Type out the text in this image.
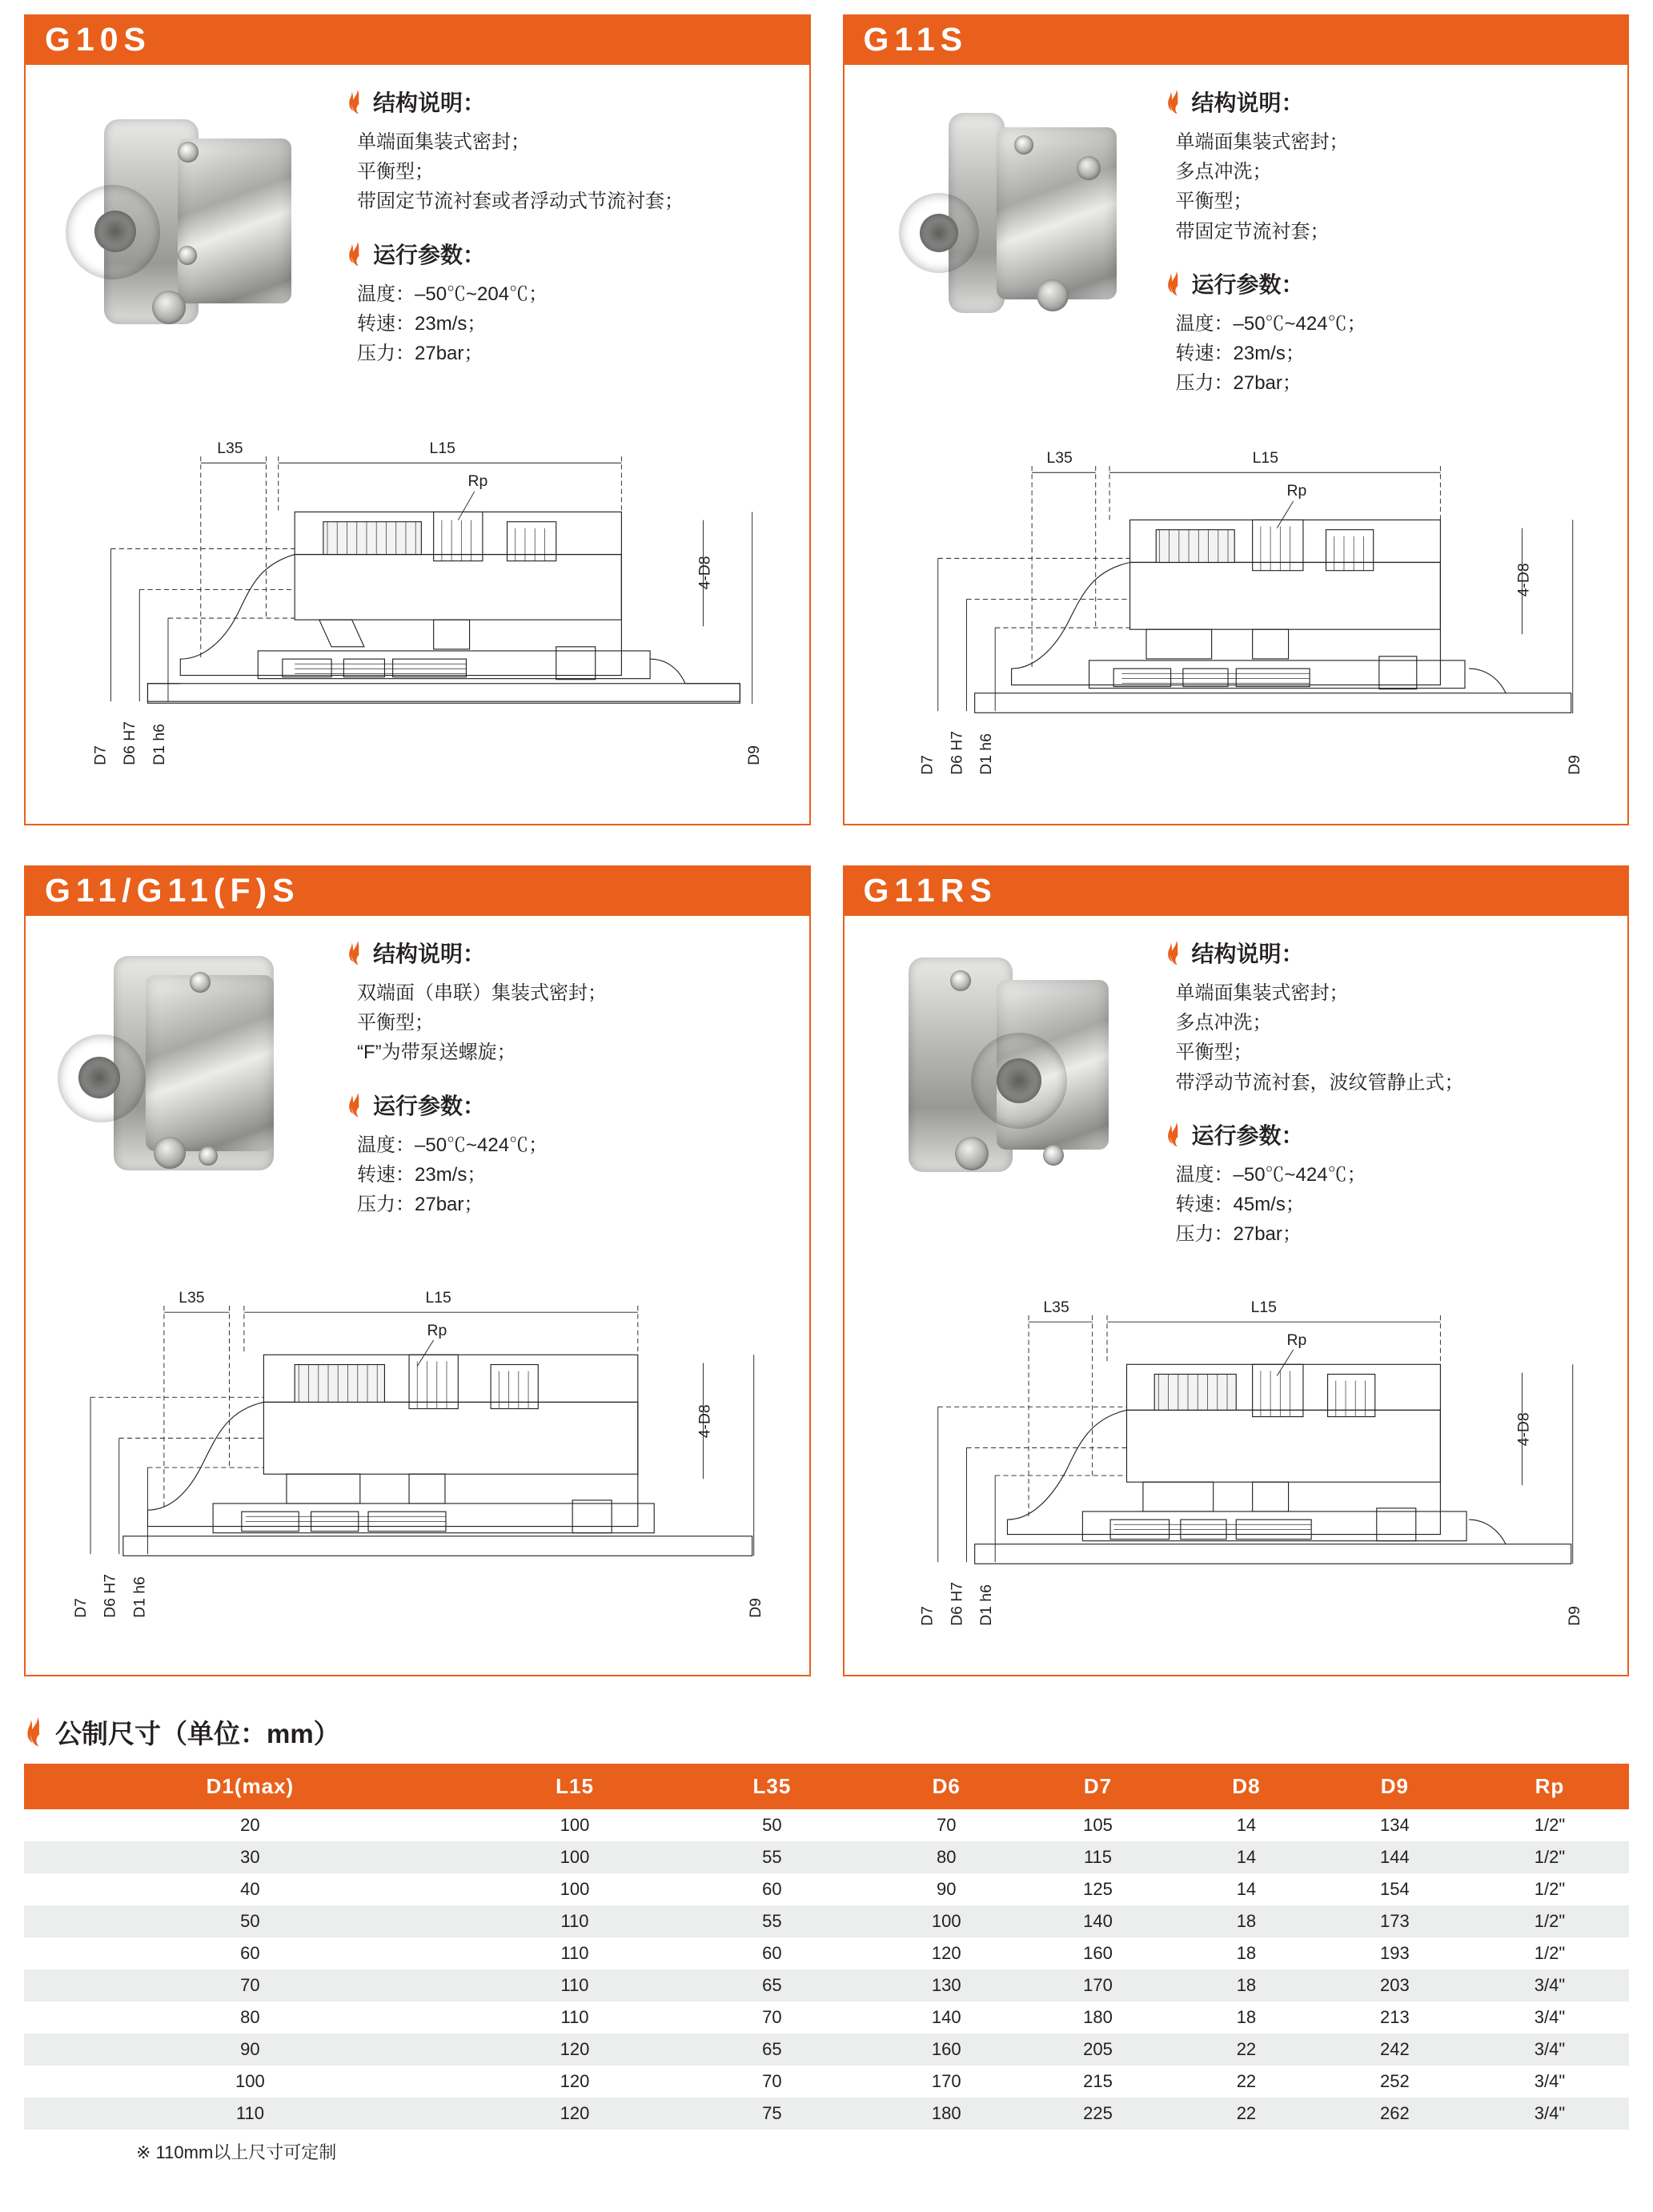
G10S
结构说明：
单端面集装式密封；
平衡型；
带固定节流衬套或者浮动式节流衬套；
运行参数：
温度：–50℃~204℃；
转速：23m/s；
压力：27bar；
L35	L15
Rp
4-D8
D7 D6 H7 D1 h6	D9
G11S
结构说明：
单端面集装式密封；
多点冲洗；
平衡型；
带固定节流衬套；
运行参数：
温度：–50℃~424℃；
转速：23m/s；
压力：27bar；
L35	L15
Rp
4-D8
D7 D6 H7 D1 h6	D9
G11/G11(F)S
结构说明：
双端面（串联）集装式密封；
平衡型；
“F”为带泵送螺旋；
运行参数：
温度：–50℃~424℃；
转速：23m/s；
压力：27bar；
L35	L15
Rp
4-D8
D7 D6 H7 D1 h6	D9
G11RS
结构说明：
单端面集装式密封；
多点冲洗；
平衡型；
带浮动节流衬套，波纹管静止式；
运行参数：
温度：–50℃~424℃；
转速：45m/s；
压力：27bar；
L35	L15
Rp
4-D8
D7 D6 H7 D1 h6	D9
公制尺寸（单位：mm）
D1(max)	L15	L35	D6	D7	D8	D9	Rp
20	100	50	70	105	14	134	1/2"
30	100	55	80	115	14	144	1/2"
40	100	60	90	125	14	154	1/2"
50	110	55	100	140	18	173	1/2"
60	110	60	120	160	18	193	1/2"
70	110	65	130	170	18	203	3/4"
80	110	70	140	180	18	213	3/4"
90	120	65	160	205	22	242	3/4"
100	120	70	170	215	22	252	3/4"
110	120	75	180	225	22	262	3/4"
※ 110mm以上尺寸可定制
